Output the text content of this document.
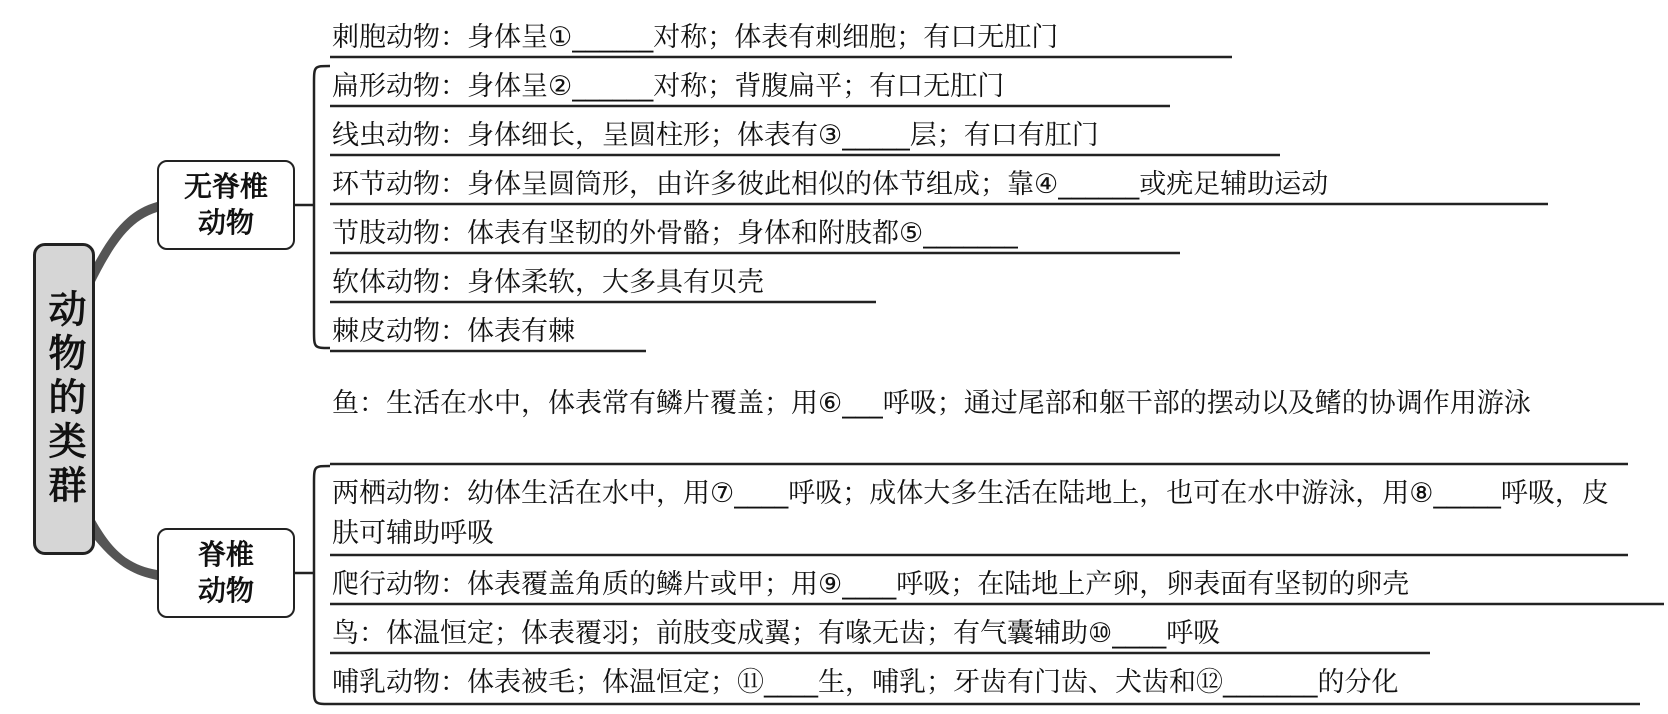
动物的类群
无脊椎
动物
脊椎
动物
刺胞动物：身体呈①______对称；体表有刺细胞；有口无肛门
扁形动物：身体呈②______对称；背腹扁平；有口无肛门
线虫动物：身体细长，呈圆柱形；体表有③_____层；有口有肛门
环节动物：身体呈圆筒形，由许多彼此相似的体节组成；靠④______或疣足辅助运动
节肢动物：体表有坚韧的外骨骼；身体和附肢都⑤_______
软体动物：身体柔软，大多具有贝壳
棘皮动物：体表有棘
鱼：生活在水中，体表常有鳞片覆盖；用⑥___呼吸；通过尾部和躯干部的摆动以及鳍的协调作用游泳
两栖动物：幼体生活在水中，用⑦____呼吸；成体大多生活在陆地上，也可在水中游泳，用⑧_____呼吸，皮肤可辅助呼吸
爬行动物：体表覆盖角质的鳞片或甲；用⑨____呼吸；在陆地上产卵，卵表面有坚韧的卵壳
鸟：体温恒定；体表覆羽；前肢变成翼；有喙无齿；有气囊辅助⑩____呼吸
哺乳动物：体表被毛；体温恒定；⑪____生，哺乳；牙齿有门齿、犬齿和⑫_______的分化
